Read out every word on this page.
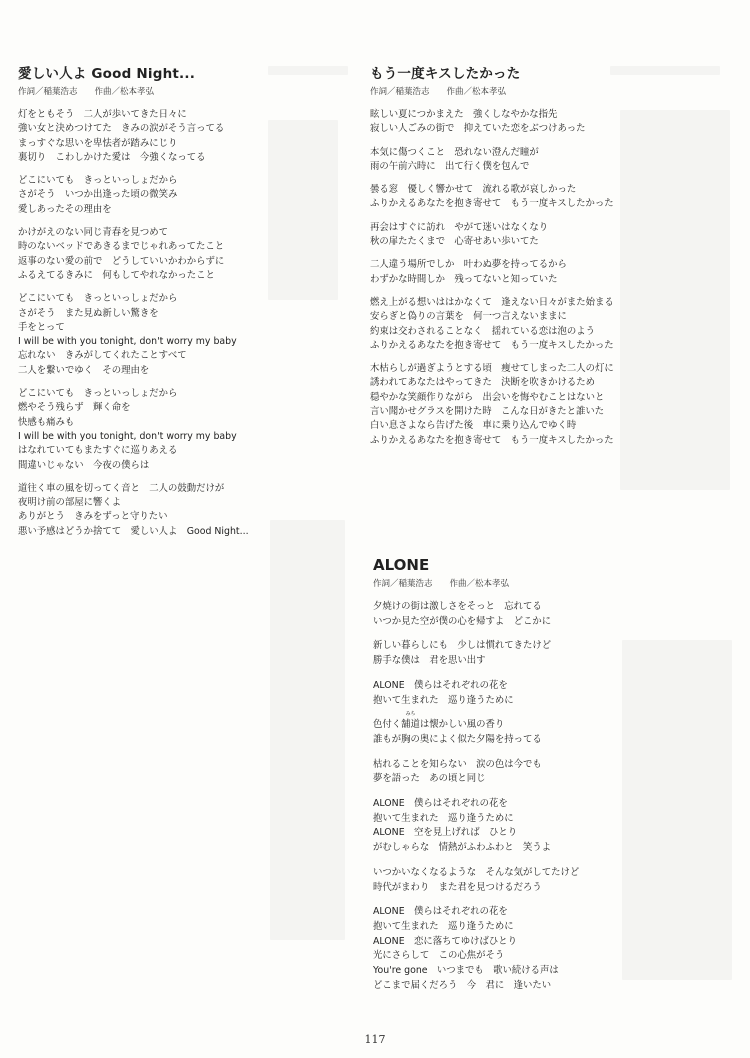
愛しい人よ Good Night...
作詞／稲葉浩志　　作曲／松本孝弘
灯をともそう　二人が歩いてきた日々に
強い女と決めつけてた　きみの涙がそう言ってる
まっすぐな思いを卑怯者が踏みにじり
裏切り　こわしかけた愛は　今強くなってる
どこにいても　きっといっしょだから
さがそう　いつか出逢った頃の微笑み
愛しあったその理由を
かけがえのない同じ青春を見つめて
時のないベッドであきるまでじゃれあってたこと
返事のない愛の前で　どうしていいかわからずに
ふるえてるきみに　何もしてやれなかったこと
どこにいても　きっといっしょだから
さがそう　また見ぬ新しい驚きを
手をとって
I will be with you tonight, don't worry my baby
忘れない　きみがしてくれたことすべて
二人を繋いでゆく　その理由を
どこにいても　きっといっしょだから
燃やそう残らず　輝く命を
快感も痛みも
I will be with you tonight, don't worry my baby
はなれていてもまたすぐに巡りあえる
間違いじゃない　今夜の僕らは
道往く車の風を切ってく音と　二人の鼓動だけが
夜明け前の部屋に響くよ
ありがとう　きみをずっと守りたい
悪い予感はどうか捨てて　愛しい人よ　Good Night...
もう一度キスしたかった
作詞／稲葉浩志　　作曲／松本孝弘
眩しい夏につかまえた　強くしなやかな指先
寂しい人ごみの街で　抑えていた恋をぶつけあった
本気に傷つくこと　恐れない澄んだ瞳が
雨の午前六時に　出て行く僕を包んで
曇る窓　優しく響かせて　流れる歌が哀しかった
ふりかえるあなたを抱き寄せて　もう一度キスしたかった
再会はすぐに訪れ　やがて迷いはなくなり
秋の扉たたくまで　心寄せあい歩いてた
二人違う場所でしか　叶わぬ夢を持ってるから
わずかな時間しか　残ってないと知っていた
燃え上がる想いははかなくて　逢えない日々がまた始まる
安らぎと偽りの言葉を　何一つ言えないままに
約束は交わされることなく　揺れている恋は泡のよう
ふりかえるあなたを抱き寄せて　もう一度キスしたかった
木枯らしが過ぎようとする頃　痩せてしまった二人の灯に
誘われてあなたはやってきた　決断を吹きかけるため
穏やかな笑顔作りながら　出会いを悔やむことはないと
言い聞かせグラスを開けた時　こんな日がきたと誰いた
白い息さよなら告げた後　車に乗り込んでゆく時
ふりかえるあなたを抱き寄せて　もう一度キスしたかった
ALONE
作詞／稲葉浩志　　作曲／松本孝弘
夕焼けの街は激しさをそっと　忘れてる
いつか見た空が僕の心を帰すよ　どこかに
新しい暮らしにも　少しは慣れてきたけど
勝手な僕は　君を思い出す
ALONE　僕らはそれぞれの花を
抱いて生まれた　巡り逢うために
色付く舗道
みち
は懐かしい風の香り
誰もが胸の奥によく似た夕陽を持ってる
枯れることを知らない　涙の色は今でも
夢を語った　あの頃と同じ
ALONE　僕らはそれぞれの花を
抱いて生まれた　巡り逢うために
ALONE　空を見上げれば　ひとり
がむしゃらな　情熱がふわふわと　笑うよ
いつかいなくなるような　そんな気がしてたけど
時代がまわり　また君を見つけるだろう
ALONE　僕らはそれぞれの花を
抱いて生まれた　巡り逢うために
ALONE　恋に落ちてゆけばひとり
光にさらして　この心焦がそう
You're gone　いつまでも　歌い続ける声は
どこまで届くだろう　今　君に　逢いたい
117
